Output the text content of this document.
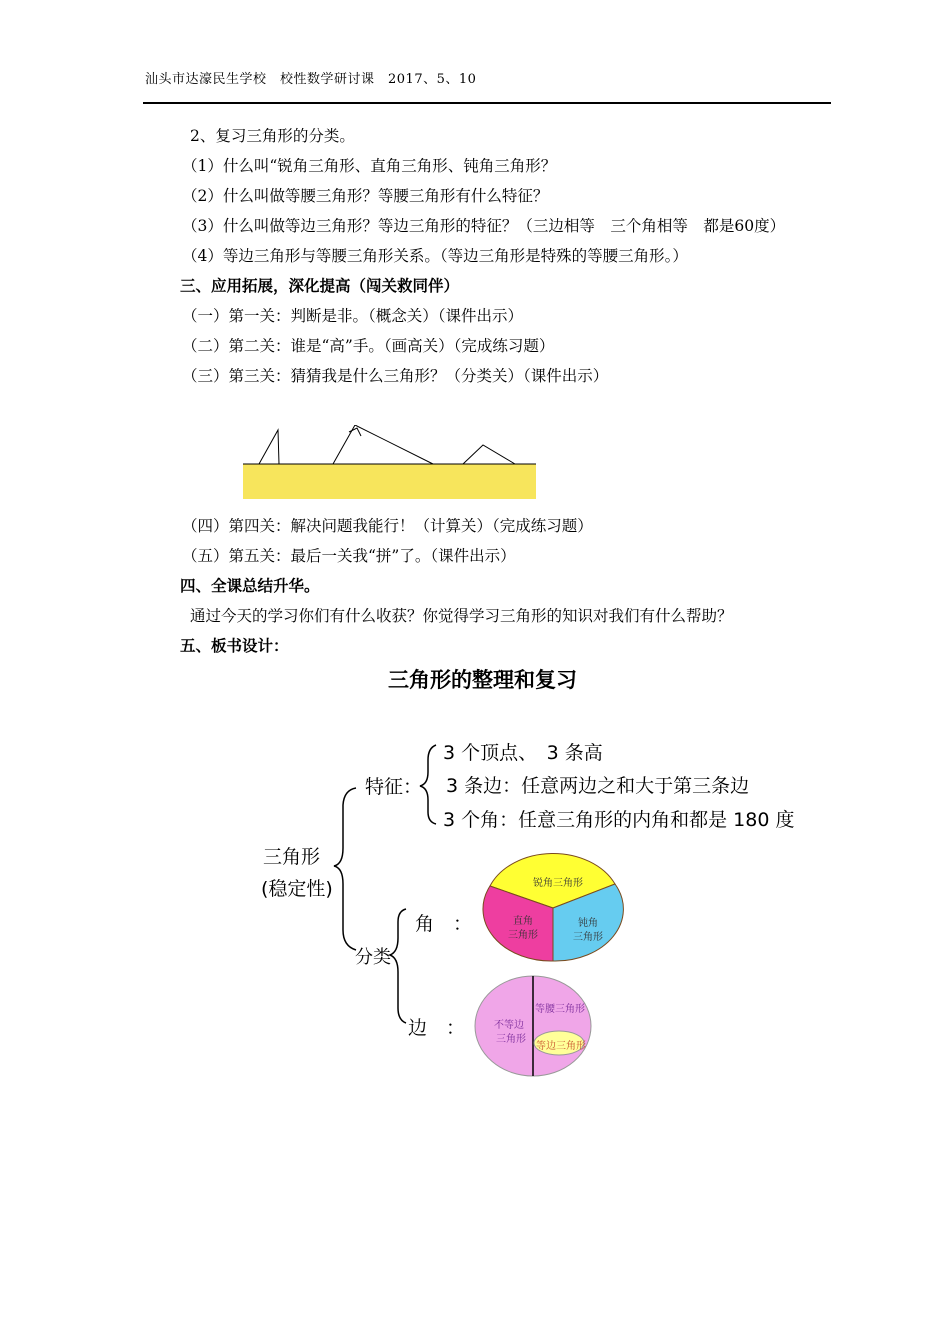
汕头市达濠民生学校　校性数学研讨课　2017、5、10
2、复习三角形的分类。
（1）什么叫“锐角三角形、直角三角形、钝角三角形？
（2）什么叫做等腰三角形？等腰三角形有什么特征？
（3）什么叫做等边三角形？等边三角形的特征？（三边相等　三个角相等　都是60度）
（4）等边三角形与等腰三角形关系。（等边三角形是特殊的等腰三角形。）
三、应用拓展，深化提高（闯关救同伴）
（一）第一关：判断是非。（概念关）（课件出示）
（二）第二关：谁是“高”手。（画高关）（完成练习题）
（三）第三关：猜猜我是什么三角形？（分类关）（课件出示）
（四）第四关：解决问题我能行！（计算关）（完成练习题）
（五）第五关：最后一关我“拼”了。（课件出示）
四、全课总结升华。
通过今天的学习你们有什么收获？你觉得学习三角形的知识对我们有什么帮助？
五、板书设计：
三角形的整理和复习
三角形
(稳定性)
特征：
3 个顶点、　3 条高
3 条边：任意两边之和大于第三条边
3 个角：任意三角形的内角和都是 180 度
分类
角　：
边　：
锐角三角形
直角
三角形
钝角
三角形
不等边
三角形
等腰三角形
等边三角形
